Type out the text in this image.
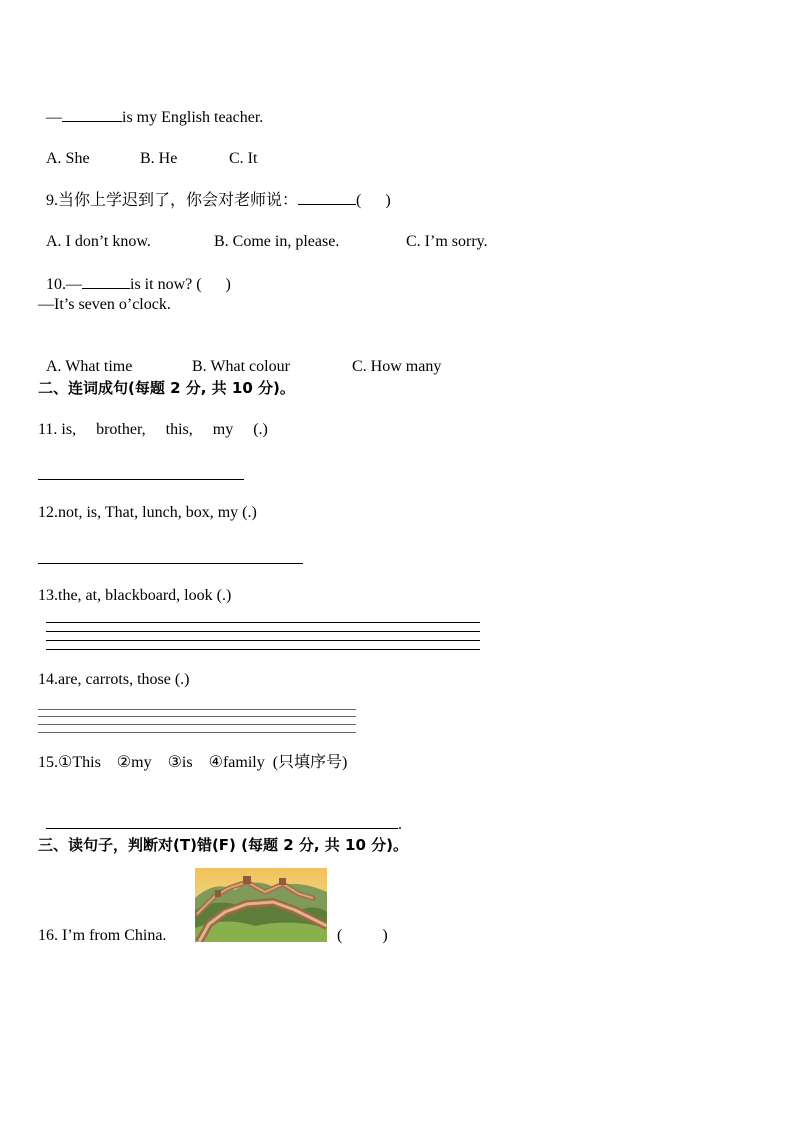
—	is my English teacher.

A. She	B. He	C. It

9.当你上学迟到了，你会对老师说：	(      )

A. I don’t know.	B. Come in, please.	C. I’m sorry.

10.—	is it now? (      )

—It’s seven o’clock.

A. What time	B. What colour	C. How many

二、连词成句(每题 2 分, 共 10 分)。
11. is,     brother,     this,     my     (.)
12.not, is, That, lunch, box, my (.)
13.the, at, blackboard, look (.)
14.are, carrots, those (.)
15.①This    ②my    ③is    ④family  (只填序号)

.

三、读句子，判断对(T)错(F) (每题 2 分, 共 10 分)。
16. I’m from China.	(          )
